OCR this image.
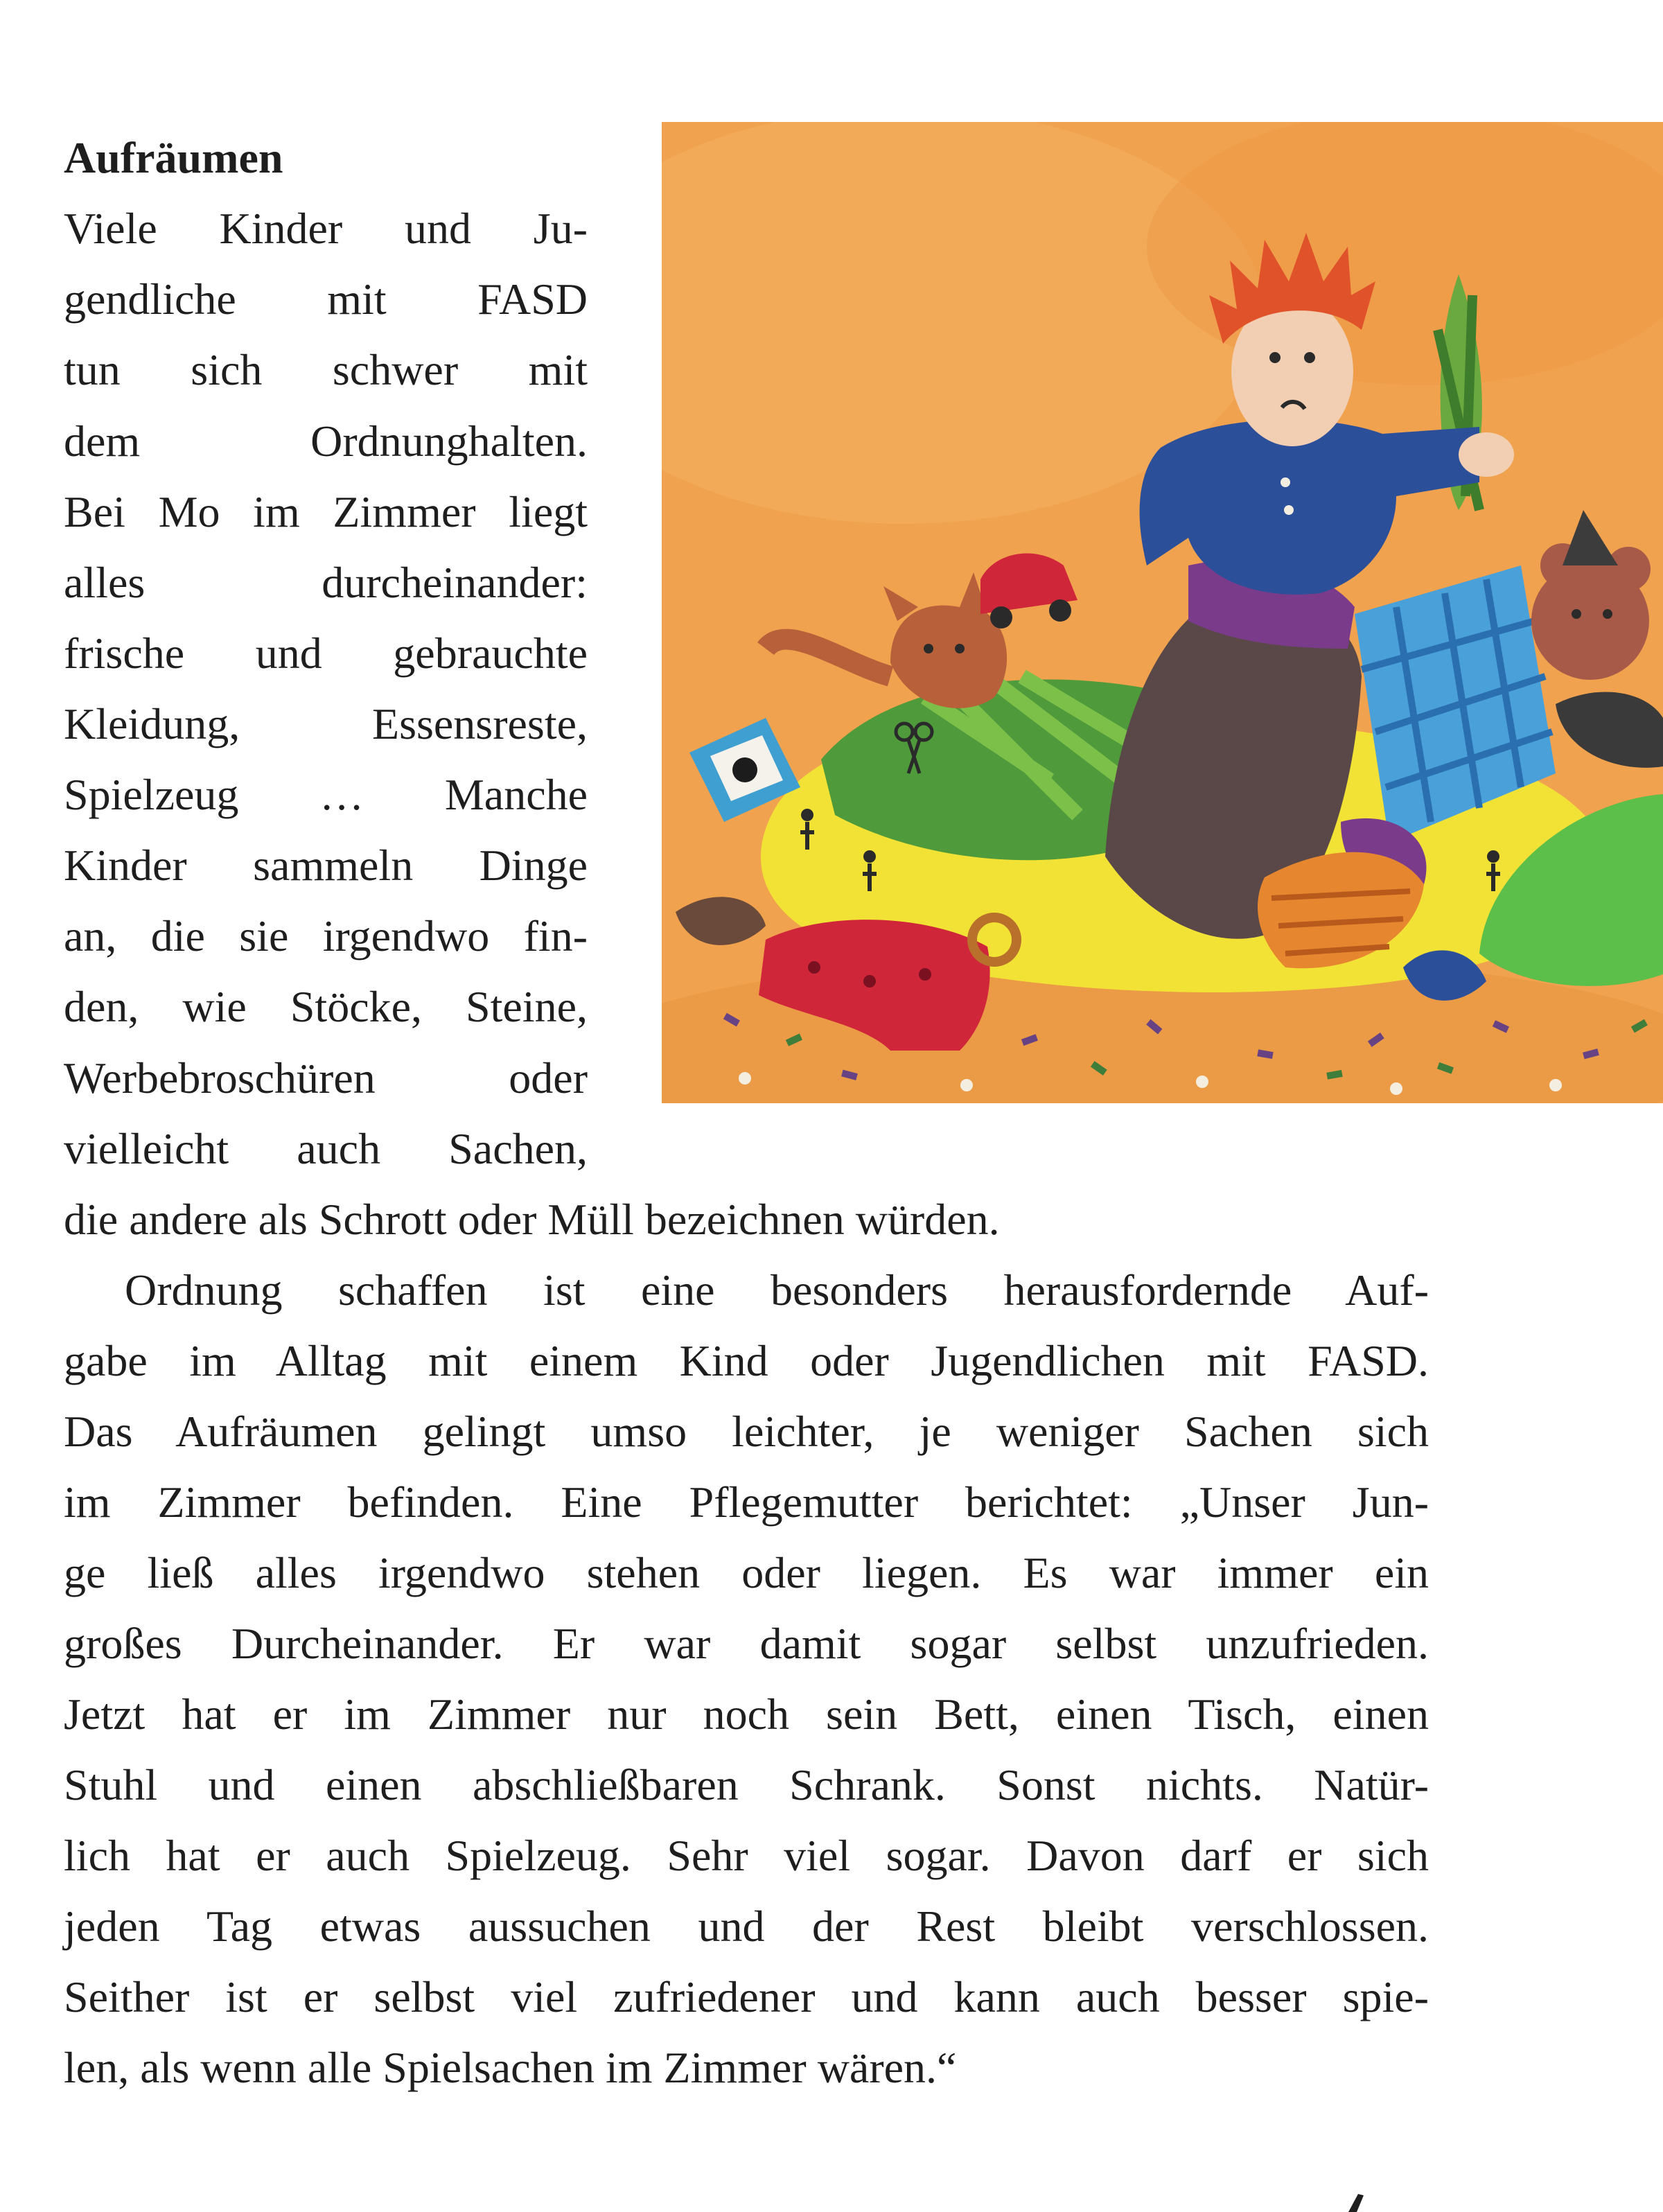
Aufräumen

Viele Kinder und Ju-

gendliche mit FASD

tun sich schwer mit

dem Ordnunghalten.

Bei Mo im Zimmer liegt

alles durcheinander:

frische und gebrauchte

Kleidung, Essensreste,

Spielzeug … Manche

Kinder sammeln Dinge

an, die sie irgendwo fin-

den, wie Stöcke, Steine,

Werbebroschüren oder

vielleicht auch Sachen,

die andere als Schrott oder Müll bezeichnen würden.

Ordnung schaffen ist eine besonders herausfordernde Auf-

gabe im Alltag mit einem Kind oder Jugendlichen mit FASD.

Das Aufräumen gelingt umso leichter, je weniger Sachen sich

im Zimmer befinden. Eine Pflegemutter berichtet: „Unser Jun-

ge ließ alles irgendwo stehen oder liegen. Es war immer ein

großes Durcheinander. Er war damit sogar selbst unzufrieden.

Jetzt hat er im Zimmer nur noch sein Bett, einen Tisch, einen

Stuhl und einen abschließbaren Schrank. Sonst nichts. Natür-

lich hat er auch Spielzeug. Sehr viel sogar. Davon darf er sich

jeden Tag etwas aussuchen und der Rest bleibt verschlossen.

Seither ist er selbst viel zufriedener und kann auch besser spie-

len, als wenn alle Spielsachen im Zimmer wären.“
